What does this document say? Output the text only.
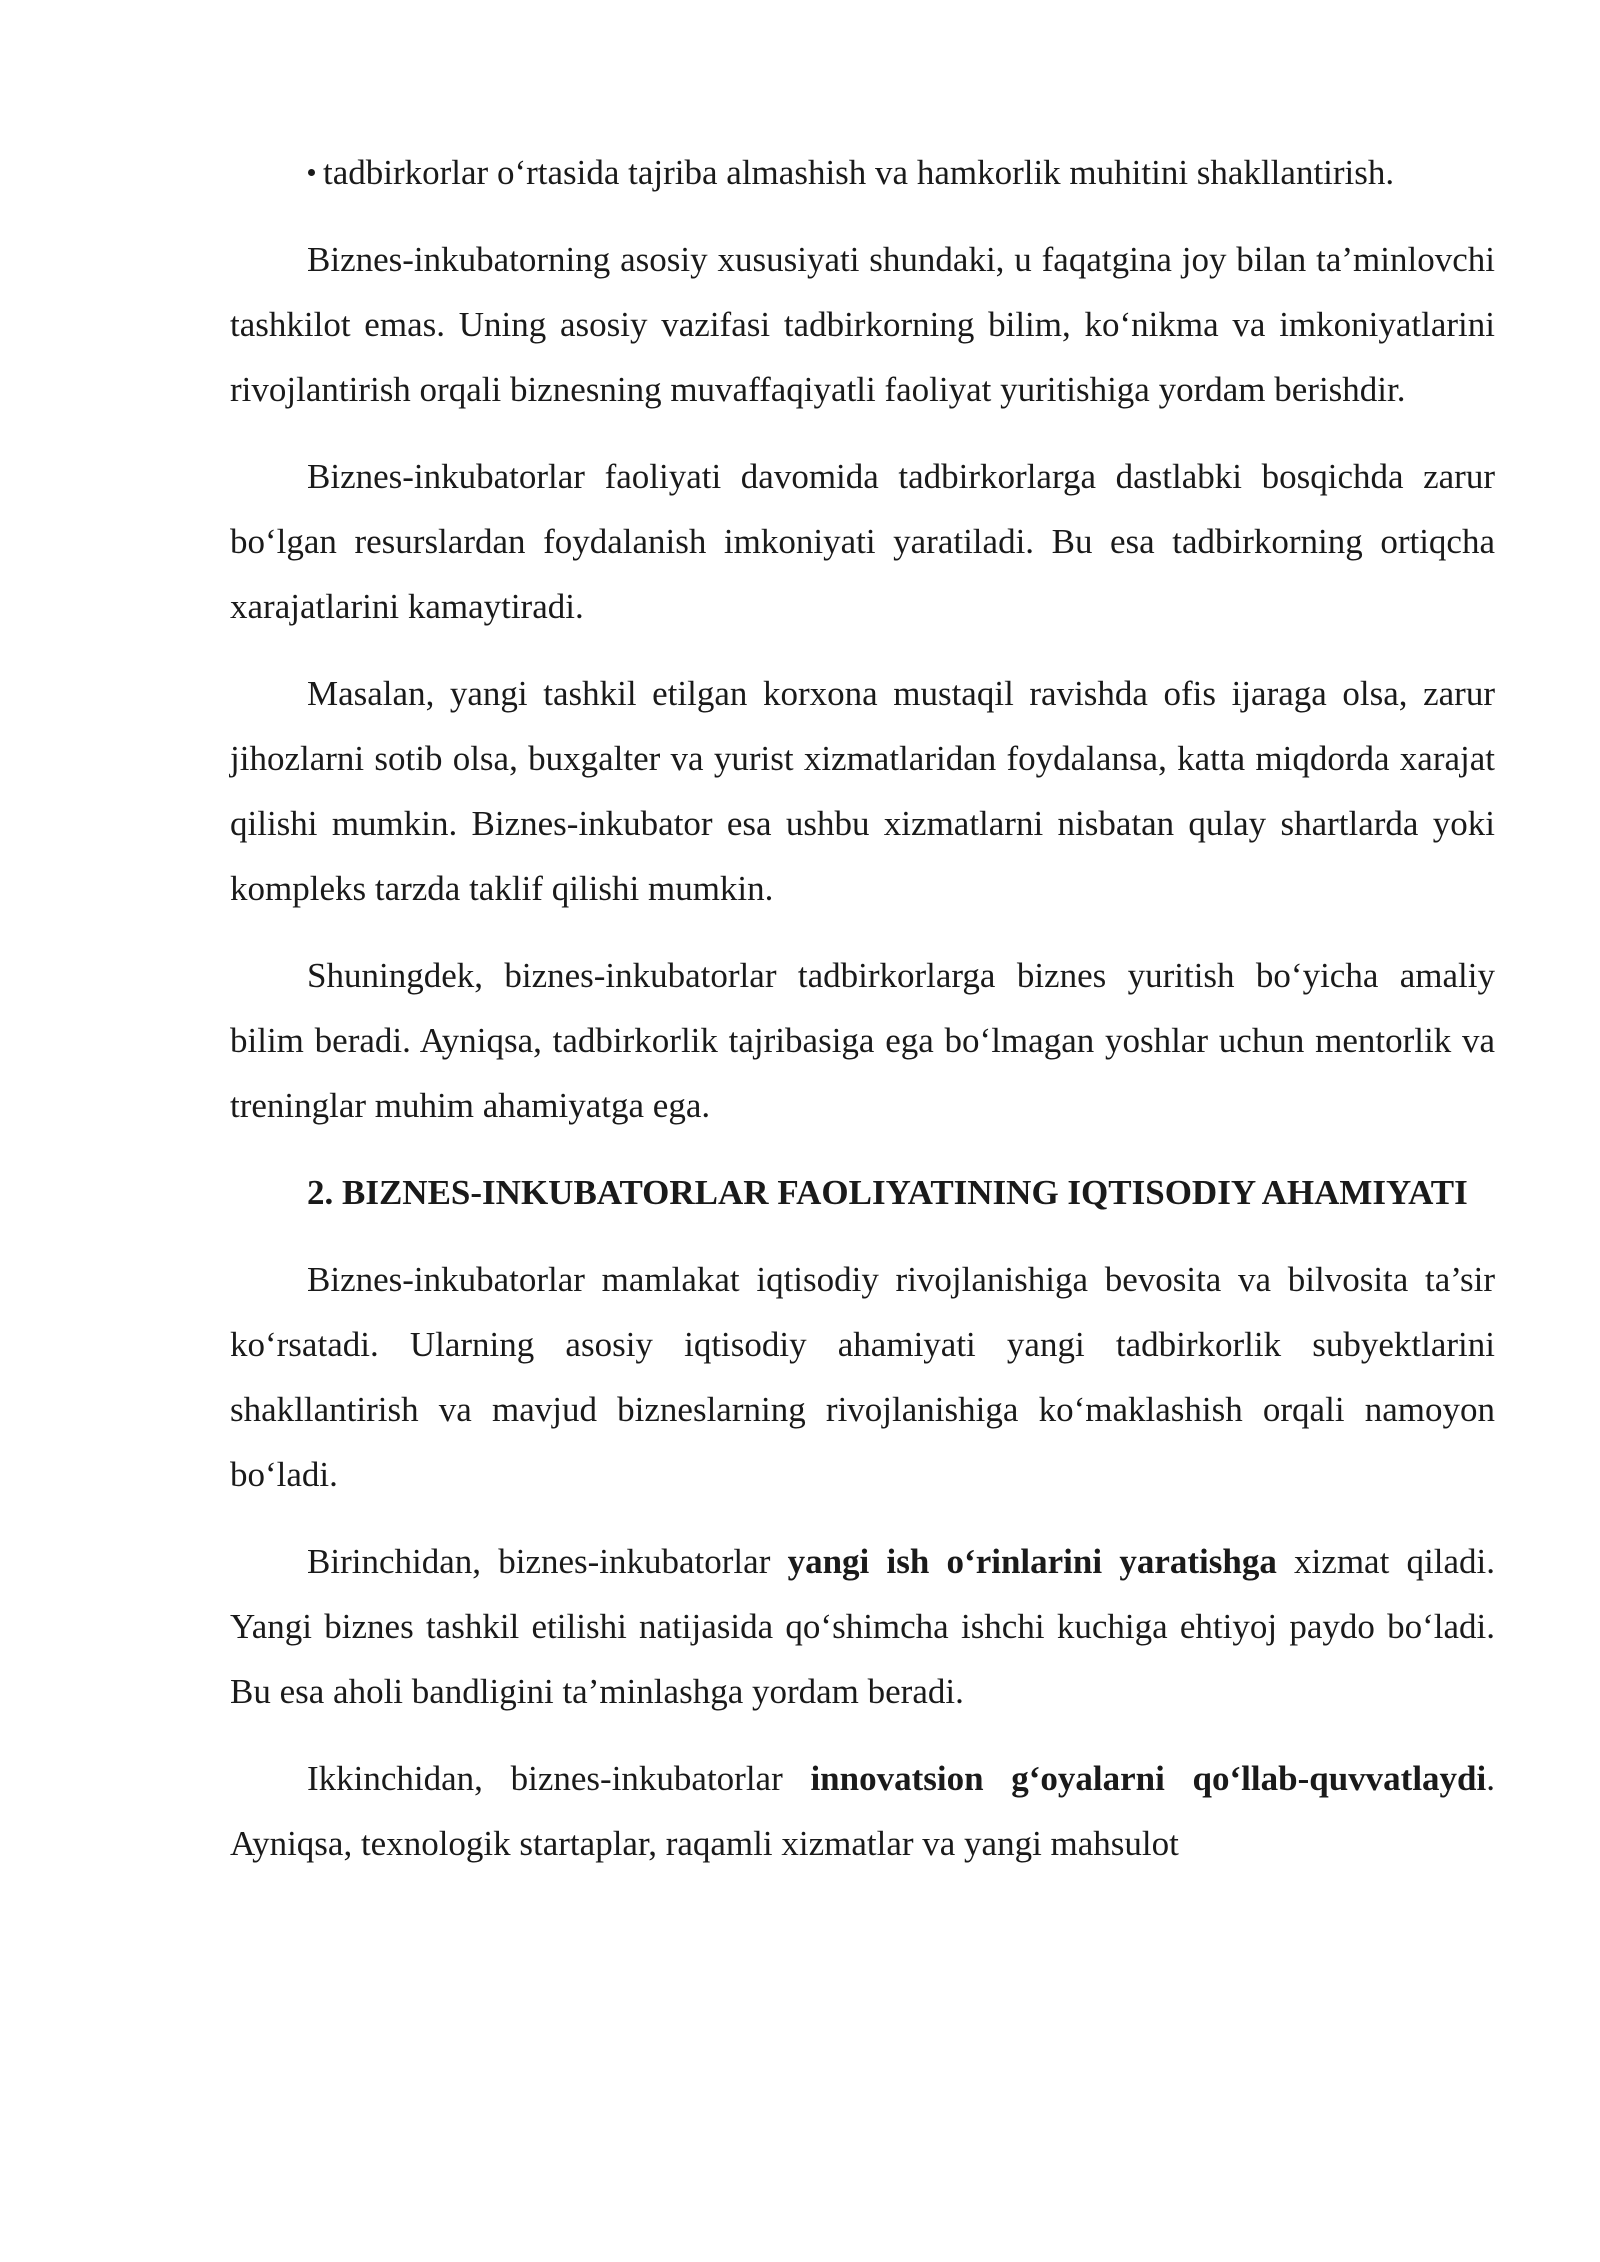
tadbirkorlar o‘rtasida tajriba almashish va hamkorlik muhitini shakllantirish.

Biznes-inkubatorning asosiy xususiyati shundaki, u faqatgina joy bilan ta’minlovchi tashkilot emas. Uning asosiy vazifasi tadbirkorning bilim, ko‘nikma va imkoniyatlarini rivojlantirish orqali biznesning muvaffaqiyatli faoliyat yuritishiga yordam berishdir.

Biznes-inkubatorlar faoliyati davomida tadbirkorlarga dastlabki bosqichda zarur bo‘lgan resurslardan foydalanish imkoniyati yaratiladi. Bu esa tadbirkorning ortiqcha xarajatlarini kamaytiradi.

Masalan, yangi tashkil etilgan korxona mustaqil ravishda ofis ijaraga olsa, zarur jihozlarni sotib olsa, buxgalter va yurist xizmatlaridan foydalansa, katta miqdorda xarajat qilishi mumkin. Biznes-inkubator esa ushbu xizmatlarni nisbatan qulay shartlarda yoki kompleks tarzda taklif qilishi mumkin.

Shuningdek, biznes-inkubatorlar tadbirkorlarga biznes yuritish bo‘yicha amaliy bilim beradi. Ayniqsa, tadbirkorlik tajribasiga ega bo‘lmagan yoshlar uchun mentorlik va treninglar muhim ahamiyatga ega.

2. BIZNES-INKUBATORLAR FAOLIYATINING IQTISODIY AHAMIYATI

Biznes-inkubatorlar mamlakat iqtisodiy rivojlanishiga bevosita va bilvosita ta’sir ko‘rsatadi. Ularning asosiy iqtisodiy ahamiyati yangi tadbirkorlik subyektlarini shakllantirish va mavjud bizneslarning rivojlanishiga ko‘maklashish orqali namoyon bo‘ladi.

Birinchidan, biznes-inkubatorlar yangi ish o‘rinlarini yaratishga xizmat qiladi. Yangi biznes tashkil etilishi natijasida qo‘shimcha ishchi kuchiga ehtiyoj paydo bo‘ladi. Bu esa aholi bandligini ta’minlashga yordam beradi.

Ikkinchidan, biznes-inkubatorlar innovatsion g‘oyalarni qo‘llab-quvvatlaydi. Ayniqsa, texnologik startaplar, raqamli xizmatlar va yangi mahsulot
